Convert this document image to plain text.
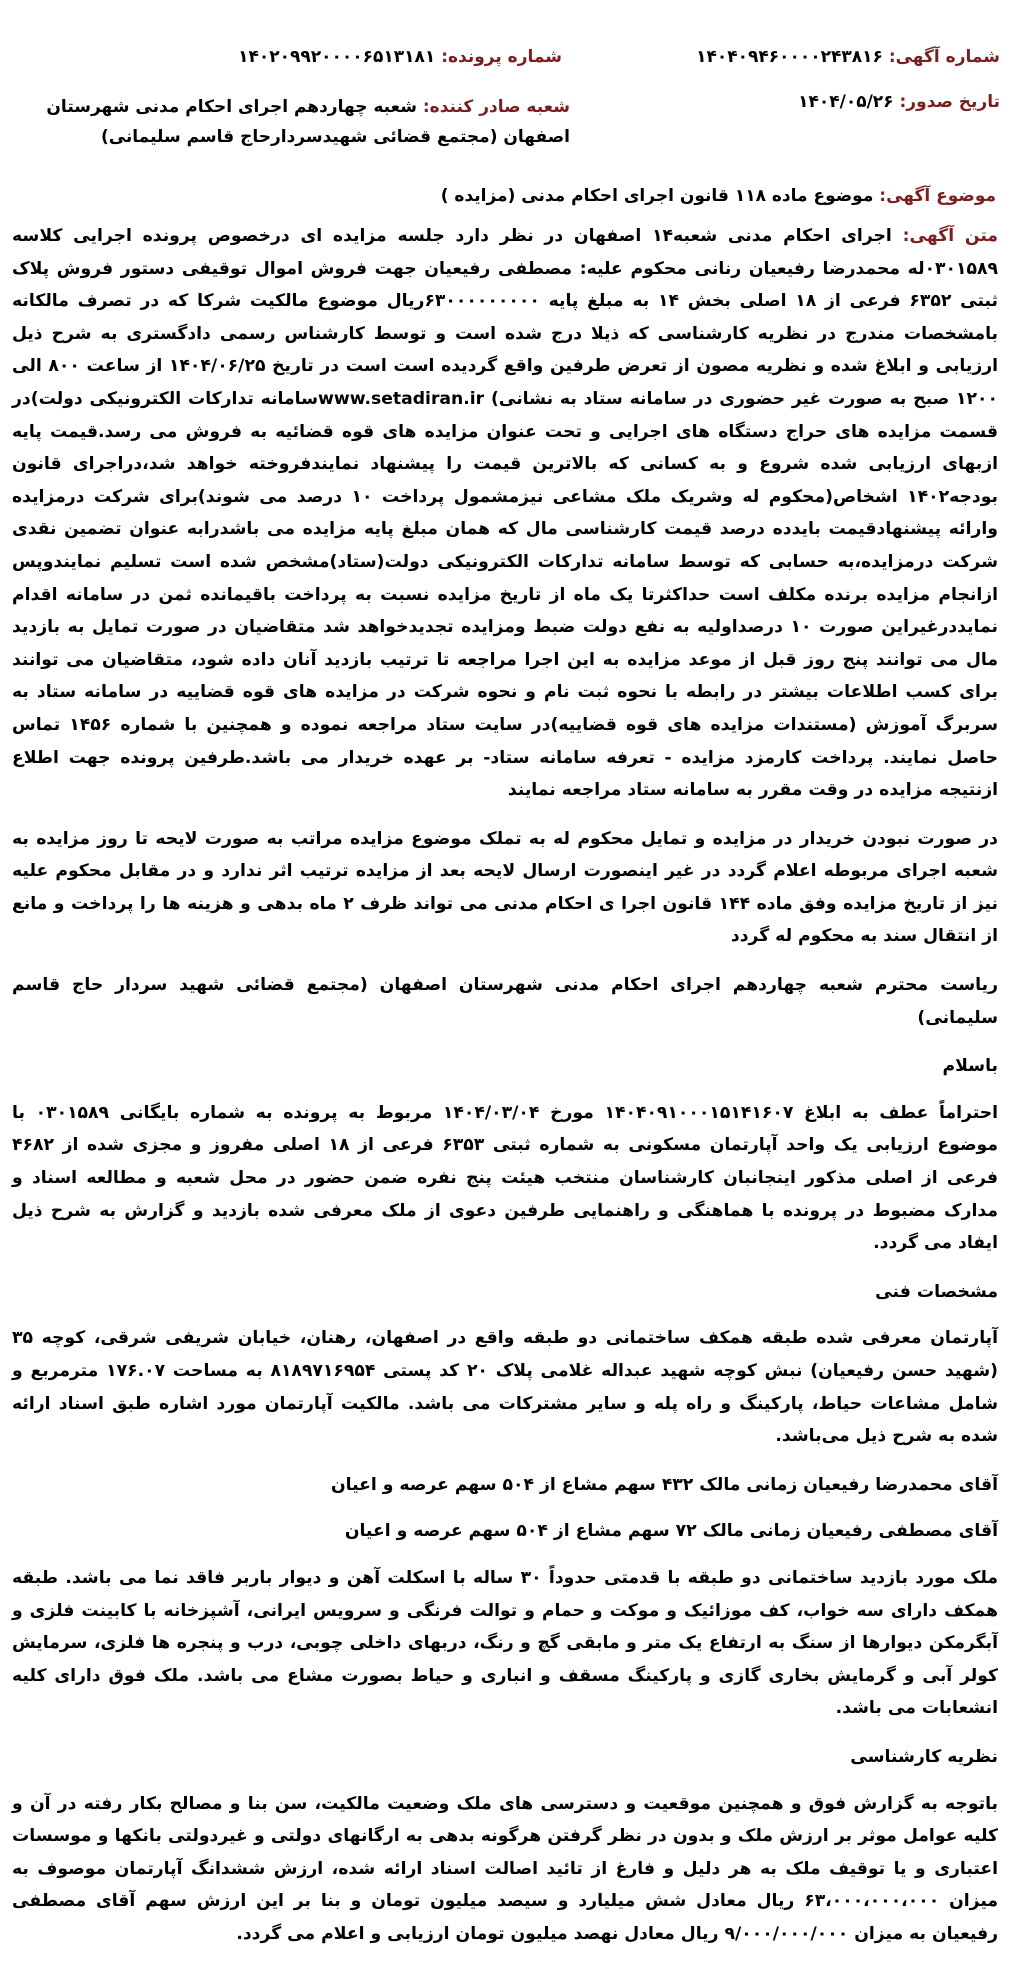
شماره آگهی: ۱۴۰۴۰۹۴۶۰۰۰۰۲۴۳۸۱۶
شماره پرونده: ۱۴۰۲۰۹۹۲۰۰۰۰۶۵۱۳۱۸۱
تاریخ صدور: ۱۴۰۴/۰۵/۲۶
شعبه صادر کننده: شعبه چهاردهم اجرای احکام مدنی شهرستان اصفهان (مجتمع قضائی شهیدسردارحاج قاسم سلیمانی)
موضوع آگهی: موضوع ماده ۱۱۸ قانون اجرای احکام مدنی (مزایده )

متن آگهی: اجرای احکام مدنی شعبه۱۴ اصفهان در نظر دارد جلسه مزایده ای درخصوص پرونده اجرایی کلاسه ۰۳۰۱۵۸۹له محمدرضا رفیعیان رنانی محکوم علیه: مصطفی رفیعیان جهت فروش اموال توقیفی دستور فروش پلاک ثبتی ۶۳۵۲ فرعی از ۱۸ اصلی بخش ۱۴ به مبلغ پایه ۶۳۰۰۰۰۰۰۰۰۰ریال موضوع مالکیت شرکا که در تصرف مالکانه بامشخصات مندرج در نظریه کارشناسی که ذیلا درج شده است و توسط کارشناس رسمی دادگستری به شرح ذیل ارزیابی و ابلاغ شده و نظریه مصون از تعرض طرفین واقع گردیده است است در تاریخ ۱۴۰۴/۰۶/۲۵ از ساعت ۸۰۰ الی ۱۲۰۰ صبح به صورت غیر حضوری در سامانه ستاد به نشانی) www.setadiran.irسامانه تدارکات الکترونیکی دولت)در قسمت مزایده های حراج دستگاه های اجرایی و تحت عنوان مزایده های قوه قضائیه به فروش می رسد.قیمت پایه ازبهای ارزیابی شده شروع و به کسانی که بالاترین قیمت را پیشنهاد نمایندفروخته خواهد شد،دراجرای قانون بودجه۱۴۰۲ اشخاص(محکوم له وشریک ملک مشاعی نیزمشمول پرداخت ۱۰ درصد می شوند)برای شرکت درمزایده وارائه پیشنهادقیمت بایدده درصد قیمت کارشناسی مال که همان مبلغ پایه مزایده می باشدرابه عنوان تضمین نقدی شرکت درمزایده،به حسابی که توسط سامانه تدارکات الکترونیکی دولت(ستاد)مشخص شده است تسلیم نمایندوپس ازانجام مزایده برنده مکلف است حداکثرتا یک ماه از تاریخ مزایده نسبت به پرداخت باقیمانده ثمن در سامانه اقدام نمایددرغیراین صورت ۱۰ درصداولیه به نفع دولت ضبط ومزایده تجدیدخواهد شد متقاضیان در صورت تمایل به بازدید مال می توانند پنج روز قبل از موعد مزایده به این اجرا مراجعه تا ترتیب بازدید آنان داده شود، متقاضیان می توانند برای کسب اطلاعات بیشتر در رابطه با نحوه ثبت نام و نحوه شرکت در مزایده های قوه قضاییه در سامانه ستاد به سربرگ آموزش (مستندات مزایده های قوه قضاییه)در سایت ستاد مراجعه نموده و همچنین با شماره ۱۴۵۶ تماس حاصل نمایند. پرداخت کارمزد مزایده - تعرفه سامانه ستاد- بر عهده خریدار می باشد.طرفین پرونده جهت اطلاع ازنتیجه مزایده در وقت مقرر به سامانه ستاد مراجعه نمایند

در صورت نبودن خریدار در مزایده و تمایل محکوم له به تملک موضوع مزایده مراتب به صورت لایحه تا روز مزایده به شعبه اجرای مربوطه اعلام گردد در غیر اینصورت ارسال لایحه بعد از مزایده ترتیب اثر ندارد و در مقابل محکوم علیه نیز از تاریخ مزایده وفق ماده ۱۴۴ قانون اجرا ی احکام مدنی می تواند ظرف ۲ ماه بدهی و هزینه ها را پرداخت و مانع از انتقال سند به محکوم له گردد

ریاست محترم شعبه چهاردهم اجرای احکام مدنی شهرستان اصفهان (مجتمع قضائی شهید سردار حاج قاسم سلیمانی)

باسلام

احتراماً عطف به ابلاغ ۱۴۰۴۰۹۱۰۰۰۱۵۱۴۱۶۰۷ مورخ ۱۴۰۴/۰۳/۰۴ مربوط به پرونده به شماره بایگانی ۰۳۰۱۵۸۹ با موضوع ارزیابی یک واحد آپارتمان مسکونی به شماره ثبتی ۶۳۵۳ فرعی از ۱۸ اصلی مفروز و مجزی شده از ۴۶۸۲ فرعی از اصلی مذکور اینجانبان کارشناسان منتخب هیئت پنج نفره ضمن حضور در محل شعبه و مطالعه اسناد و مدارک مضبوط در پرونده با هماهنگی و راهنمایی طرفین دعوی از ملک معرفی شده بازدید و گزارش به شرح ذیل ایفاد می گردد.

مشخصات فنی

آپارتمان معرفی شده طبقه همکف ساختمانی دو طبقه واقع در اصفهان، رهنان، خیابان شریفی شرقی، کوچه ۳۵ (شهید حسن رفیعیان) نبش کوچه شهید عبداله غلامی پلاک ۲۰ کد پستی ۸۱۸۹۷۱۶۹۵۴ به مساحت ۱۷۶.۰۷ مترمربع و شامل مشاعات حیاط، پارکینگ و راه پله و سایر مشترکات می باشد. مالکیت آپارتمان مورد اشاره طبق اسناد ارائه شده به شرح ذیل می‌باشد.

آقای محمدرضا رفیعیان زمانی مالک ۴۳۲ سهم مشاع از ۵۰۴ سهم عرصه و اعیان

آقای مصطفی رفیعیان زمانی مالک ۷۲ سهم مشاع از ۵۰۴ سهم عرصه و اعیان

ملک مورد بازدید ساختمانی دو طبقه با قدمتی حدوداً ۳۰ ساله با اسکلت آهن و دیوار باربر فاقد نما می باشد. طبقه همکف دارای سه خواب، کف موزائیک و موکت و حمام و توالت فرنگی و سرویس ایرانی، آشپزخانه با کابینت فلزی و آبگرمکن دیوارها از سنگ به ارتفاع یک متر و مابقی گچ و رنگ، دربهای داخلی چوبی، درب و پنجره ها فلزی، سرمایش کولر آبی و گرمایش بخاری گازی و پارکینگ مسقف و انباری و حیاط بصورت مشاع می باشد. ملک فوق دارای کلیه انشعابات می باشد.

نظریه کارشناسی

باتوجه به گزارش فوق و همچنین موقعیت و دسترسی های ملک وضعیت مالکیت، سن بنا و مصالح بکار رفته در آن و کلیه عوامل موثر بر ارزش ملک و بدون در نظر گرفتن هرگونه بدهی به ارگانهای دولتی و غیردولتی بانکها و موسسات اعتباری و یا توقیف ملک به هر دلیل و فارغ از تائید اصالت اسناد ارائه شده، ارزش ششدانگ آپارتمان موصوف به میزان ۶۳،۰۰۰،۰۰۰،۰۰۰ ریال معادل شش میلیارد و سیصد میلیون تومان و بنا بر این ارزش سهم آقای مصطفی رفیعیان به میزان ۹/۰۰۰/۰۰۰/۰۰۰ ریال معادل نهصد میلیون تومان ارزیابی و اعلام می گردد.
